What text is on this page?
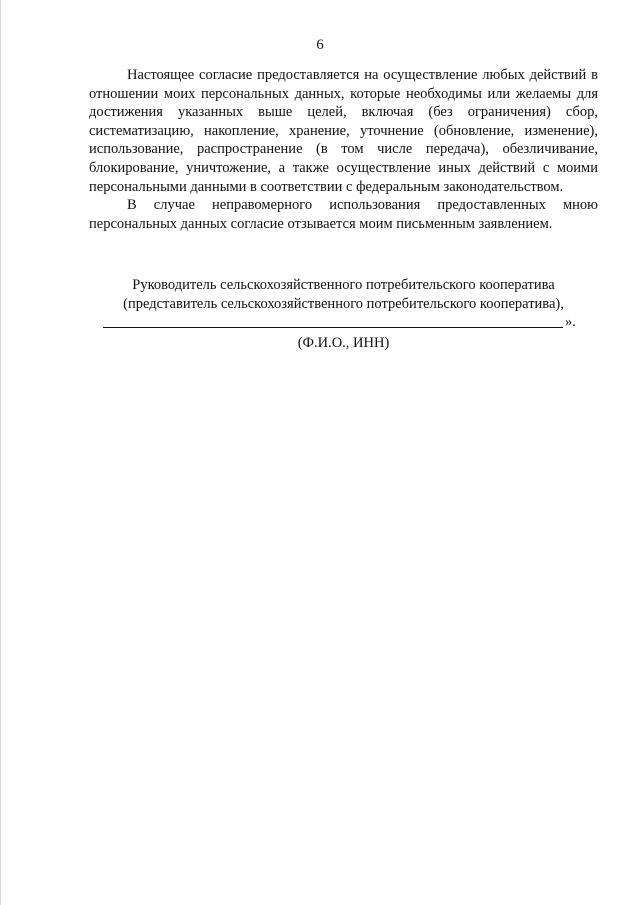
6

Настоящее согласие предоставляется на осуществление любых действий в отношении моих персональных данных, которые необходимы или желаемы для достижения указанных выше целей, включая (без ограничения) сбор, систематизацию, накопление, хранение, уточнение (обновление, изменение), использование, распространение (в том числе передача), обезличивание, блокирование, уничтожение, а также осуществление иных действий с моими персональными данными в соответствии с федеральным законодательством.

В случае неправомерного использования предоставленных мною персональных данных согласие отзывается моим письменным заявлением.

Руководитель сельскохозяйственного потребительского кооператива
(представитель сельскохозяйственного потребительского кооператива),
».
(Ф.И.О., ИНН)
